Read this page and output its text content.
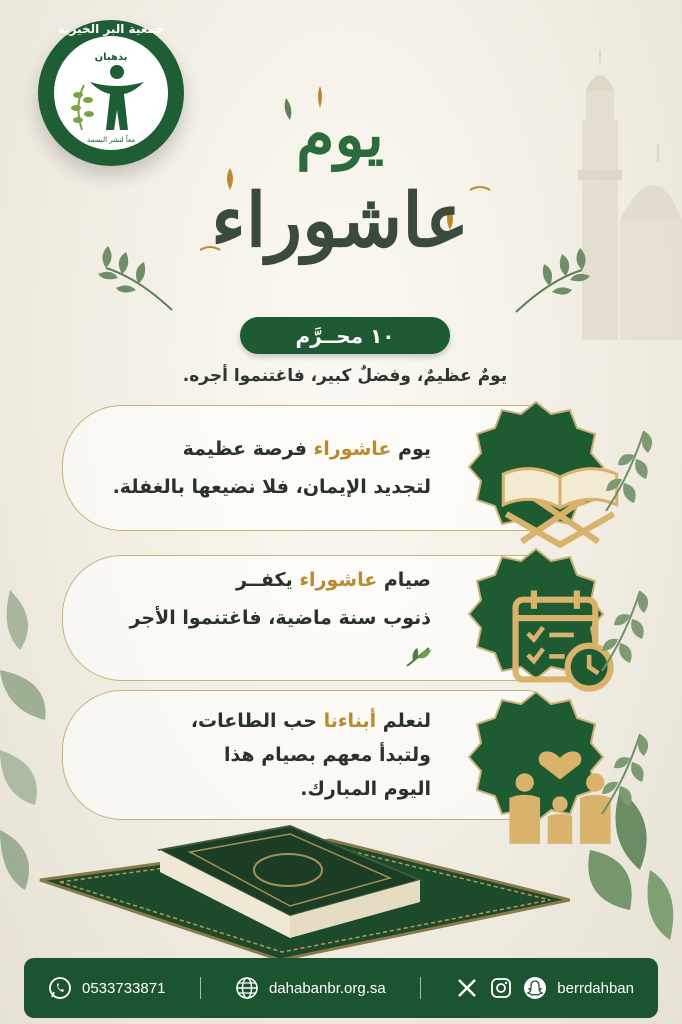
جمعية البر الخيرية
بذهبان
معاً لنشر البسمة	يوم
عاشوراء
١٠ محــرَّم
يومٌ عظيمٌ، وفضلٌ كبير، فاغتنموا أجره.
يوم عاشوراء فرصة عظيمة
لتجديد الإيمان، فلا نضيعها بالغفلة.
صيام عاشوراء يكفــر
ذنوب سنة ماضية، فاغتنموا الأجر
لنعلم أبناءنا حب الطاعات،
ولتبدأ معهم بصيام هذا
اليوم المبارك.
0533733871	dahabanbr.org.sa	berrdahban
